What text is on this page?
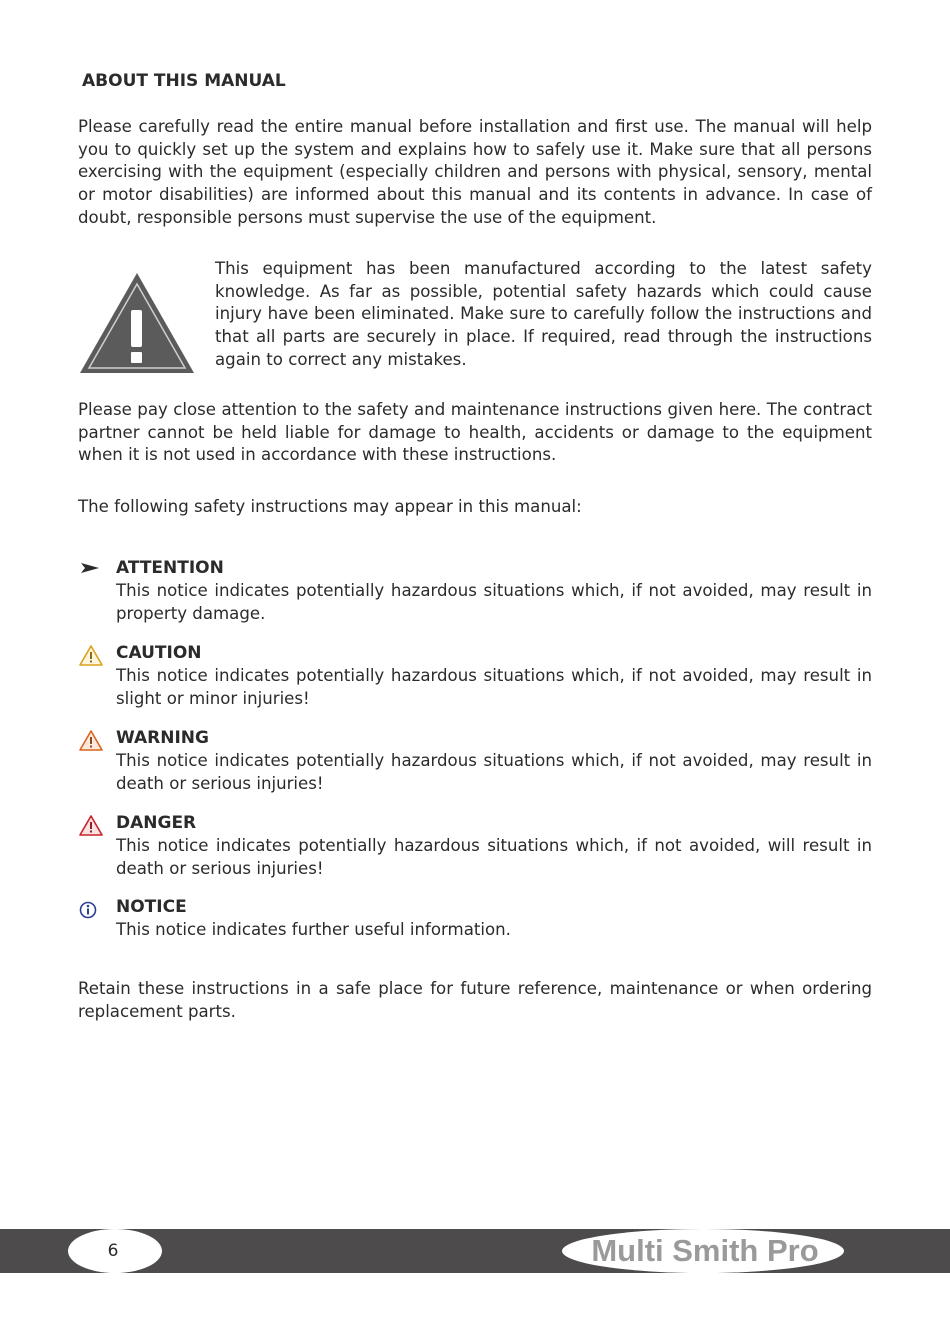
ABOUT THIS MANUAL

Please carefully read the entire manual before installation and first use. The manual will help you to quickly set up the system and explains how to safely use it. Make sure that all persons exercising with the equipment (especially children and persons with physical, sensory, mental or motor disabilities) are informed about this manual and its contents in advance. In case of doubt, responsible persons must supervise the use of the equipment.

This equipment has been manufactured according to the latest safety knowledge. As far as possible, potential safety hazards which could cause injury have been eliminated. Make sure to carefully follow the instructions and that all parts are securely in place. If required, read through the instructions again to correct any mistakes.

Please pay close attention to the safety and maintenance instructions given here. The contract partner cannot be held liable for damage to health, accidents or damage to the equipment when it is not used in accordance with these instructions.

The following safety instructions may appear in this manual:

ATTENTION

This notice indicates potentially hazardous situations which, if not avoided, may result in property damage.

CAUTION

This notice indicates potentially hazardous situations which, if not avoided, may result in slight or minor injuries!

WARNING

This notice indicates potentially hazardous situations which, if not avoided, may result in death or serious injuries!

DANGER

This notice indicates potentially hazardous situations which, if not avoided, will result in death or serious injuries!

NOTICE

This notice indicates further useful information.

Retain these instructions in a safe place for future reference, maintenance or when ordering replacement parts.

6	Multi Smith Pro
